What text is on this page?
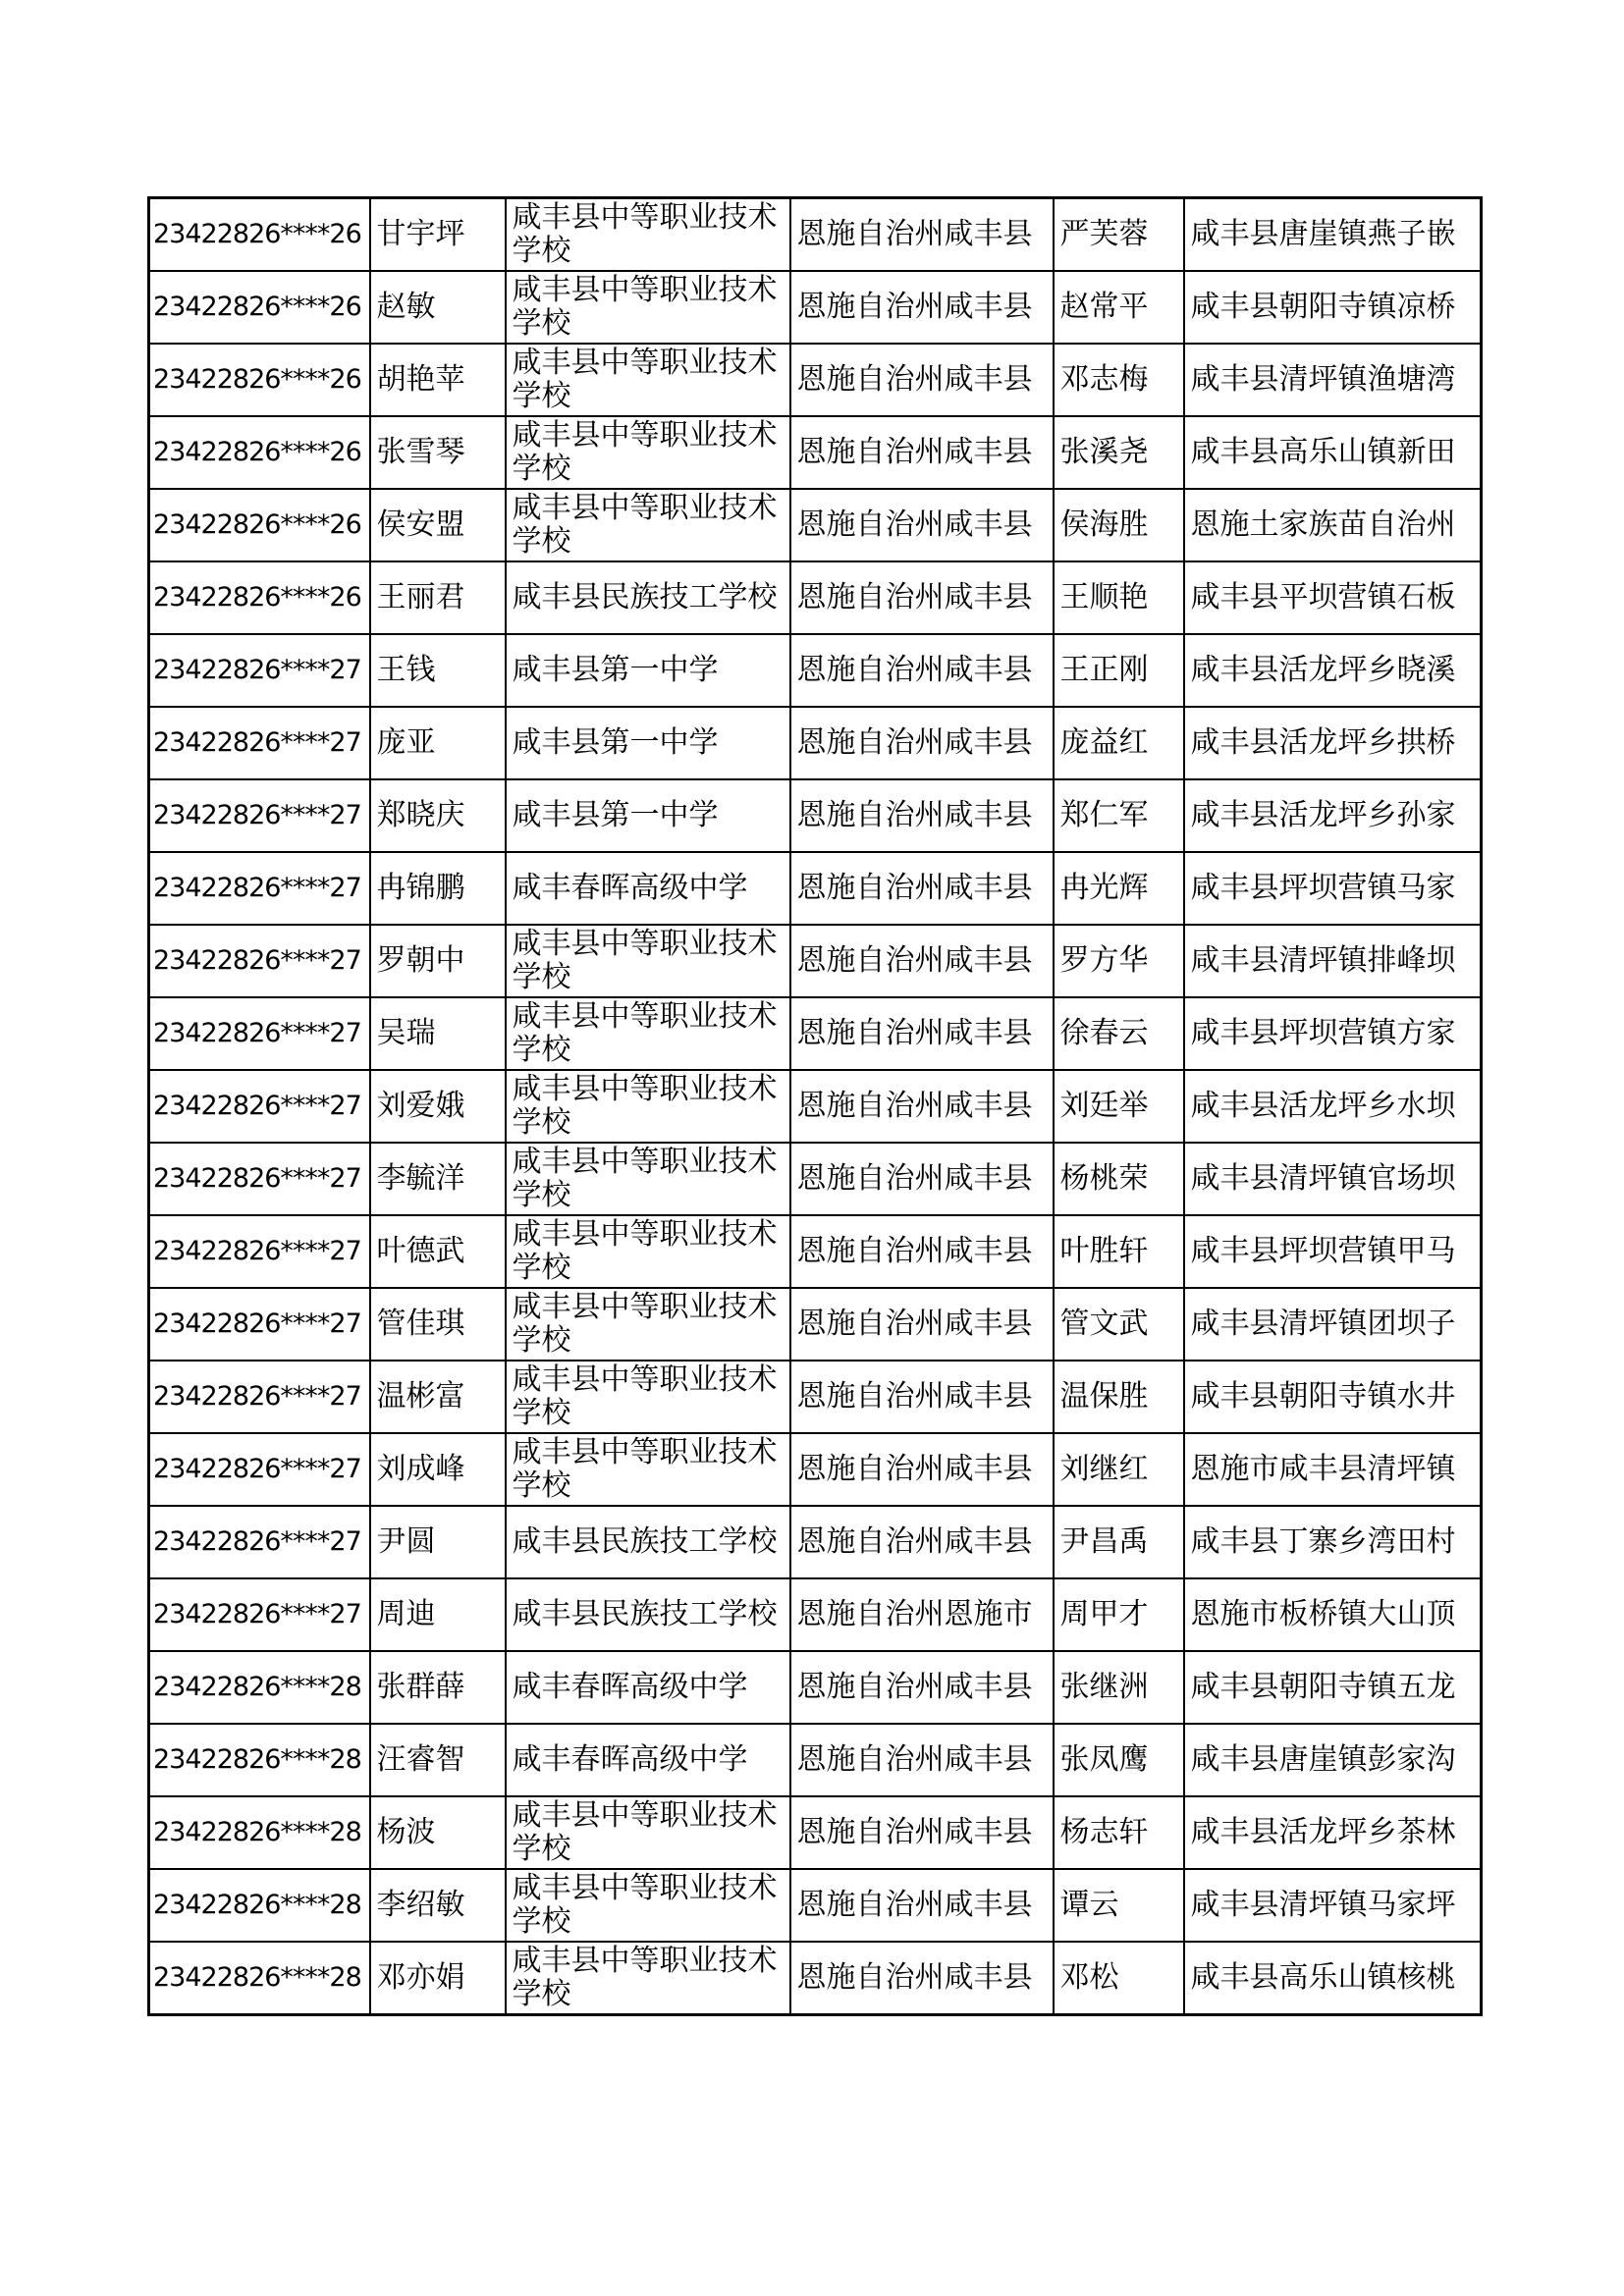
23422826****26	甘宇坪	咸丰县中等职业技术学校	恩施自治州咸丰县	严芙蓉	咸丰县唐崖镇燕子嵌
23422826****26	赵敏	咸丰县中等职业技术学校	恩施自治州咸丰县	赵常平	咸丰县朝阳寺镇凉桥
23422826****26	胡艳苹	咸丰县中等职业技术学校	恩施自治州咸丰县	邓志梅	咸丰县清坪镇渔塘湾
23422826****26	张雪琴	咸丰县中等职业技术学校	恩施自治州咸丰县	张溪尧	咸丰县高乐山镇新田
23422826****26	侯安盟	咸丰县中等职业技术学校	恩施自治州咸丰县	侯海胜	恩施土家族苗自治州
23422826****26	王丽君	咸丰县民族技工学校	恩施自治州咸丰县	王顺艳	咸丰县平坝营镇石板
23422826****27	王钱	咸丰县第一中学	恩施自治州咸丰县	王正刚	咸丰县活龙坪乡晓溪
23422826****27	庞亚	咸丰县第一中学	恩施自治州咸丰县	庞益红	咸丰县活龙坪乡拱桥
23422826****27	郑晓庆	咸丰县第一中学	恩施自治州咸丰县	郑仁军	咸丰县活龙坪乡孙家
23422826****27	冉锦鹏	咸丰春晖高级中学	恩施自治州咸丰县	冉光辉	咸丰县坪坝营镇马家
23422826****27	罗朝中	咸丰县中等职业技术学校	恩施自治州咸丰县	罗方华	咸丰县清坪镇排峰坝
23422826****27	吴瑞	咸丰县中等职业技术学校	恩施自治州咸丰县	徐春云	咸丰县坪坝营镇方家
23422826****27	刘爱娥	咸丰县中等职业技术学校	恩施自治州咸丰县	刘廷举	咸丰县活龙坪乡水坝
23422826****27	李毓洋	咸丰县中等职业技术学校	恩施自治州咸丰县	杨桃荣	咸丰县清坪镇官场坝
23422826****27	叶德武	咸丰县中等职业技术学校	恩施自治州咸丰县	叶胜轩	咸丰县坪坝营镇甲马
23422826****27	管佳琪	咸丰县中等职业技术学校	恩施自治州咸丰县	管文武	咸丰县清坪镇团坝子
23422826****27	温彬富	咸丰县中等职业技术学校	恩施自治州咸丰县	温保胜	咸丰县朝阳寺镇水井
23422826****27	刘成峰	咸丰县中等职业技术学校	恩施自治州咸丰县	刘继红	恩施市咸丰县清坪镇
23422826****27	尹圆	咸丰县民族技工学校	恩施自治州咸丰县	尹昌禹	咸丰县丁寨乡湾田村
23422826****27	周迪	咸丰县民族技工学校	恩施自治州恩施市	周甲才	恩施市板桥镇大山顶
23422826****28	张群薛	咸丰春晖高级中学	恩施自治州咸丰县	张继洲	咸丰县朝阳寺镇五龙
23422826****28	汪睿智	咸丰春晖高级中学	恩施自治州咸丰县	张凤鹰	咸丰县唐崖镇彭家沟
23422826****28	杨波	咸丰县中等职业技术学校	恩施自治州咸丰县	杨志轩	咸丰县活龙坪乡茶林
23422826****28	李绍敏	咸丰县中等职业技术学校	恩施自治州咸丰县	谭云	咸丰县清坪镇马家坪
23422826****28	邓亦娟	咸丰县中等职业技术学校	恩施自治州咸丰县	邓松	咸丰县高乐山镇核桃
